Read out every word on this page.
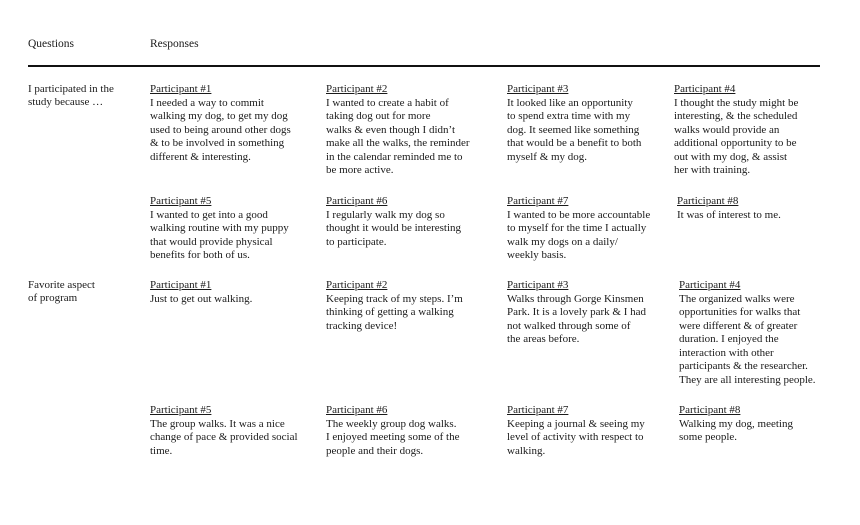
Questions	Responses
I participated in the
study because …
Participant #1
I needed a way to commit
walking my dog, to get my dog
used to being around other dogs
& to be involved in something
different & interesting.
Participant #2
I wanted to create a habit of
taking dog out for more
walks & even though I didn’t
make all the walks, the reminder
in the calendar reminded me to
be more active.
Participant #3
It looked like an opportunity
to spend extra time with my
dog. It seemed like something
that would be a benefit to both
myself & my dog.
Participant #4
I thought the study might be
interesting, & the scheduled
walks would provide an
additional opportunity to be
out with my dog, & assist
her with training.
Participant #5
I wanted to get into a good
walking routine with my puppy
that would provide physical
benefits for both of us.
Participant #6
I regularly walk my dog so
thought it would be interesting
to participate.
Participant #7
I wanted to be more accountable
to myself for the time I actually
walk my dogs on a daily/
weekly basis.
Participant #8
It was of interest to me.
Favorite aspect
of program
Participant #1
Just to get out walking.
Participant #2
Keeping track of my steps. I’m
thinking of getting a walking
tracking device!
Participant #3
Walks through Gorge Kinsmen
Park. It is a lovely park & I had
not walked through some of
the areas before.
Participant #4
The organized walks were
opportunities for walks that
were different & of greater
duration. I enjoyed the
interaction with other
participants & the researcher.
They are all interesting people.
Participant #5
The group walks. It was a nice
change of pace & provided social
time.
Participant #6
The weekly group dog walks.
I enjoyed meeting some of the
people and their dogs.
Participant #7
Keeping a journal & seeing my
level of activity with respect to
walking.
Participant #8
Walking my dog, meeting
some people.
